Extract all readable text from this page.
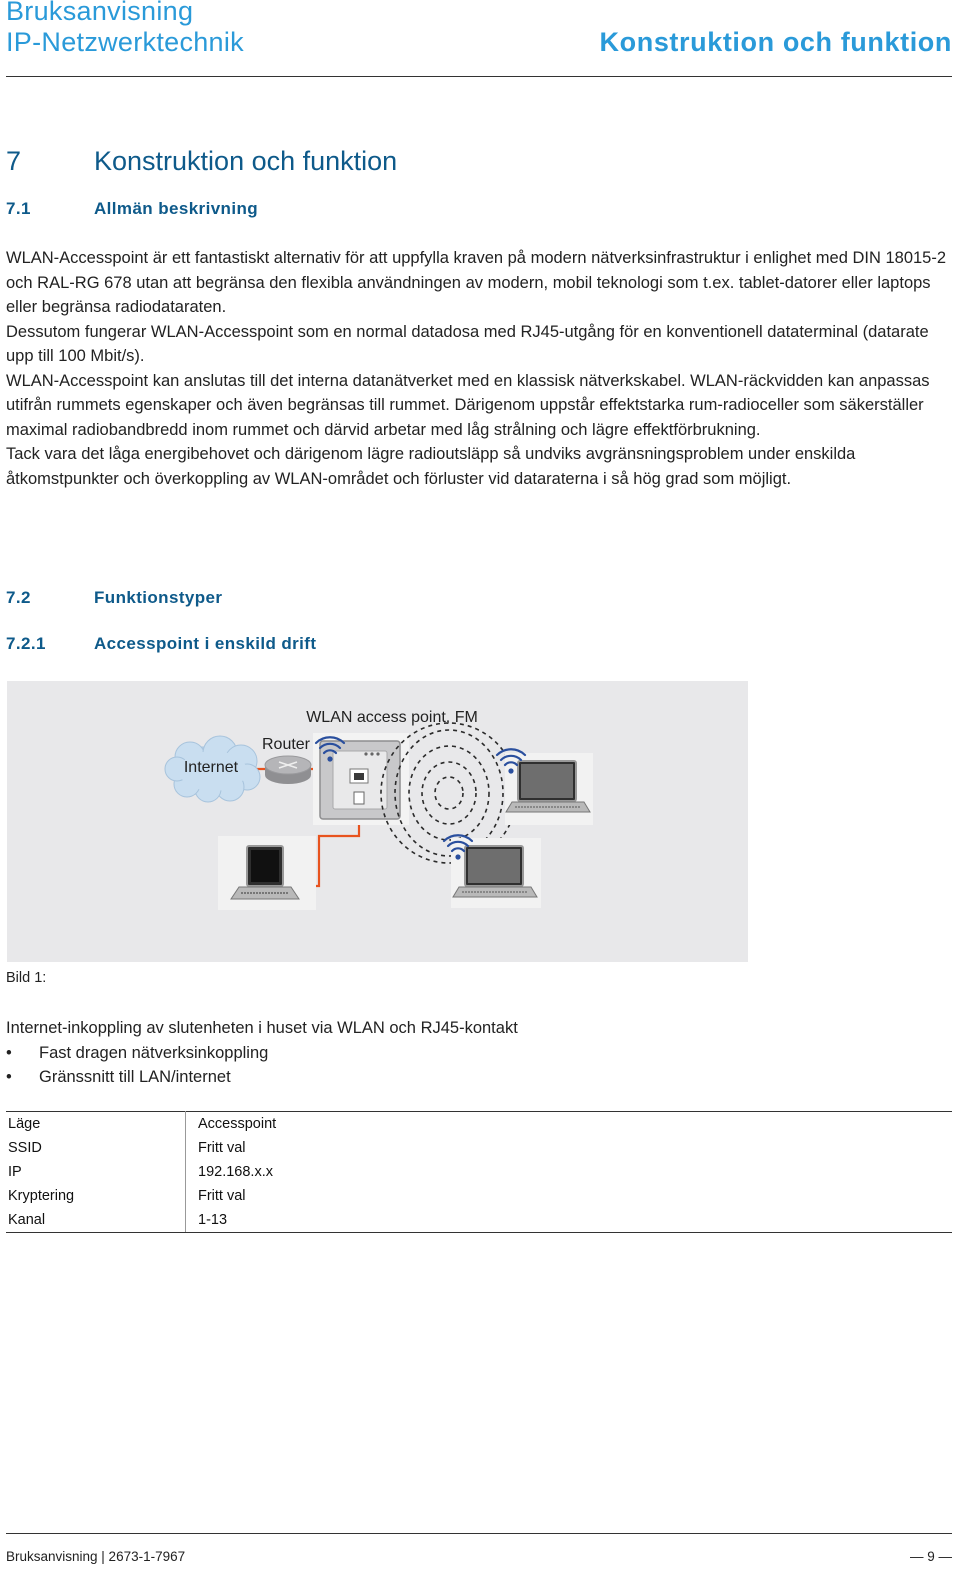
Bruksanvisning
IP-Netzwerktechnik	Konstruktion och funktion
7	Konstruktion och funktion
7.1	Allmän beskrivning

WLAN-Accesspoint är ett fantastiskt alternativ för att uppfylla kraven på modern nätverksinfrastruktur i enlighet med DIN 18015-2 och RAL-RG 678 utan att begränsa den flexibla användningen av modern, mobil teknologi som t.ex. tablet-datorer eller laptops eller begränsa radiodataraten.

Dessutom fungerar WLAN-Accesspoint som en normal datadosa med RJ45-utgång för en konventionell dataterminal (datarate upp till 100 Mbit/s).

WLAN-Accesspoint kan anslutas till det interna datanätverket med en klassisk nätverkskabel. WLAN-räckvidden kan anpassas utifrån rummets egenskaper och även begränsas till rummet. Därigenom uppstår effektstarka rum-radioceller som säkerställer maximal radiobandbredd inom rummet och därvid arbetar med låg strålning och lägre effektförbrukning.

Tack vara det låga energibehovet och därigenom lägre radioutsläpp så undviks avgränsningsproblem under enskilda åtkomstpunkter och överkoppling av WLAN-området och förluster vid dataraterna i så hög grad som möjligt.

7.2	Funktionstyper
7.2.1	Accesspoint i enskild drift
Internet
Router
WLAN access point, FM
Bild 1:
Internet-inkoppling av slutenheten i huset via WLAN och RJ45-kontakt
• Fast dragen nätverksinkoppling
• Gränssnitt till LAN/internet
Läge	Accesspoint
SSID	Fritt val
IP	192.168.x.x
Kryptering	Fritt val
Kanal	1-13
Bruksanvisning | 2673-1-7967	— 9 —
